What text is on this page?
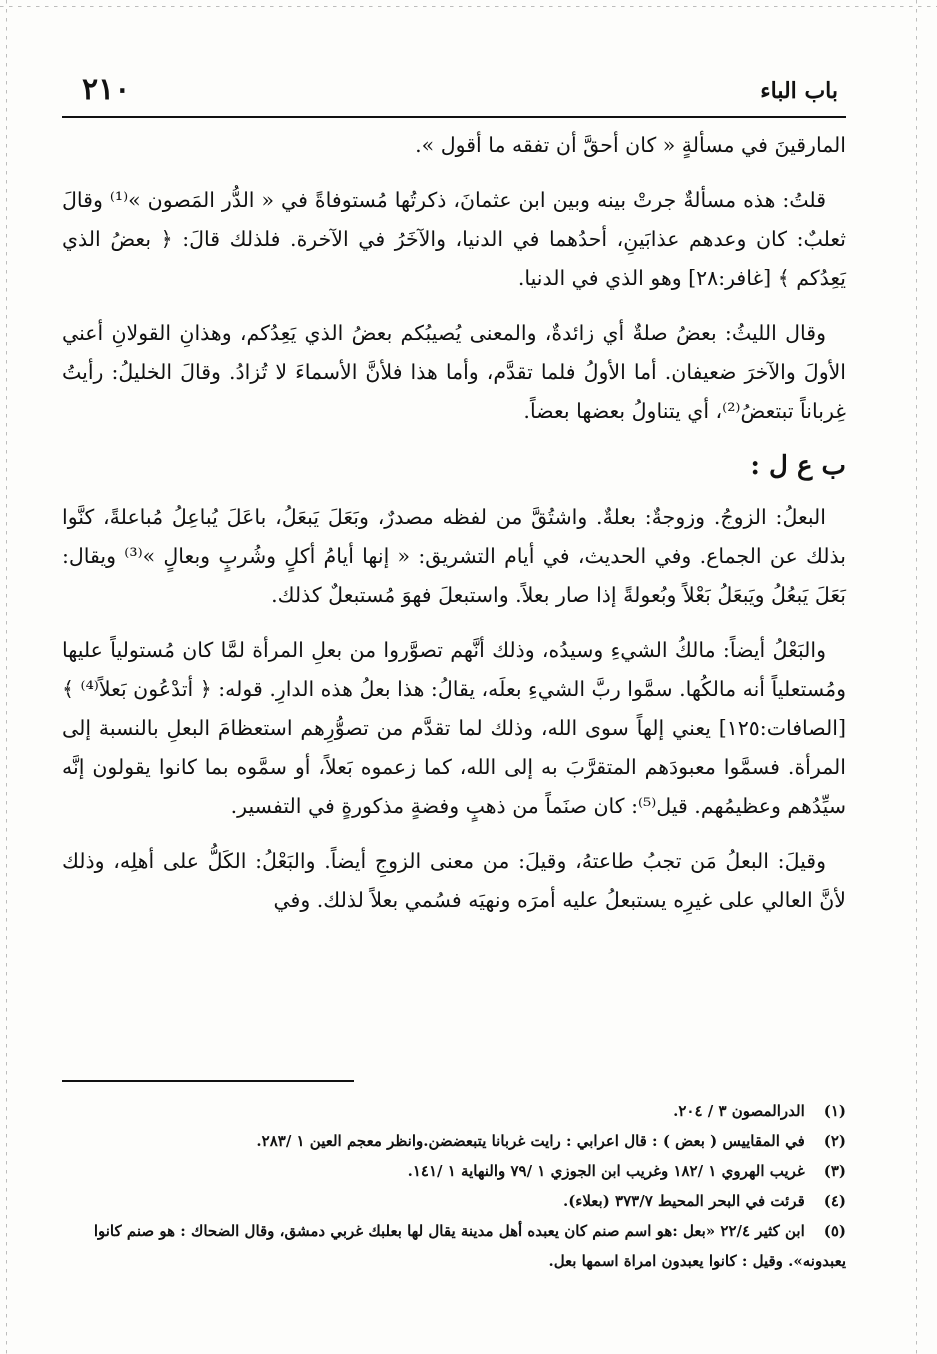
باب الباء
٢١٠

المارقينَ في مسألةٍ « كان أحقَّ أن تفقه ما أقول ».

قلتُ: هذه مسألةٌ جرتْ بينه وبين ابن عثمانَ، ذكرتُها مُستوفاةً في « الدُّر المَصون »⁽¹⁾ وقالَ ثعلبٌ: كان وعدهم عذابَينِ، أحدُهما في الدنيا، والآخَرُ في الآخرة. فلذلك قالَ: ﴿ بعضُ الذي يَعِدُكم ﴾ [غافر:٢٨] وهو الذي في الدنيا.

وقال الليثُ: بعضُ صلةٌ أي زائدةٌ، والمعنى يُصيبُكم بعضُ الذي يَعِدُكم، وهذانِ القولانِ أعني الأولَ والآخرَ ضعيفان. أما الأولُ فلما تقدَّم، وأما هذا فلأنَّ الأسماءَ لا تُزادُ. وقالَ الخليلُ: رأيتُ غِرباناً تبتعضُ⁽²⁾، أي يتناولُ بعضها بعضاً.

ب ع ل :

البعلُ: الزوجُ. وزوجةٌ: بعلةٌ. واشتُقَّ من لفظه مصدرٌ، وبَعَلَ يَبعَلُ، باعَلَ يُباعِلُ مُباعلةً، كنَّوا بذلك عن الجماع. وفي الحديث، في أيام التشريق: « إنها أيامُ أكلٍ وشُربٍ وبعالٍ »⁽³⁾ ويقال: بَعَلَ يَبعُلُ ويَبعَلُ بَعْلاً وبُعولةً إذا صار بعلاً. واستبعلَ فهوَ مُستبعلٌ كذلك.

والبَعْلُ أيضاً: مالكُ الشيءِ وسيدُه، وذلك أنَّهم تصوَّروا من بعلِ المرأة لمَّا كان مُستولياً عليها ومُستعلياً أنه مالكُها. سمَّوا ربَّ الشيءِ بعلَه، يقالُ: هذا بعلُ هذه الدارِ. قوله: ﴿ أتدْعُون بَعلاً⁽⁴⁾ ﴾ [الصافات:١٢٥] يعني إلهاً سوى الله، وذلك لما تقدَّم من تصوُّرِهم استعظامَ البعلِ بالنسبة إلى المرأة. فسمَّوا معبودَهم المتقرَّبَ به إلى الله، كما زعموه بَعلاً، أو سمَّوه بما كانوا يقولون إنَّه سيِّدُهم وعظيمُهم. قيل⁽⁵⁾: كان صنَماً من ذهبٍ وفضةٍ مذكورةٍ في التفسير.

وقيلَ: البعلُ مَن تجبُ طاعتهُ، وقيلَ: من معنى الزوجِ أيضاً. والبَعْلُ: الكَلُّ على أهلِه، وذلك لأنَّ العالي على غيرِه يستبعلُ عليه أمرَه ونهيَه فسُمي بعلاً لذلك. وفي

(١) الدرالمصون ٣ / ٢٠٤.

(٢) في المقاييس ( بعض ) : قال اعرابي : رايت غربانا يتبعضضن.وانظر معجم العين ١ /٢٨٣.

(٣) غريب الهروي ١ /١٨٢ وغريب ابن الجوزي ١ /٧٩ والنهاية ١ /١٤١.

(٤) قرئت في البحر المحيط ٣٧٣/٧ (بعلاء).

(٥) ابن كثير ٢٢/٤ «بعل :هو اسم صنم كان يعبده أهل مدينة يقال لها بعلبك غربي دمشق، وقال الضحاك : هو صنم كانوا يعبدونه». وقيل : كانوا يعبدون امراة اسمها بعل.
